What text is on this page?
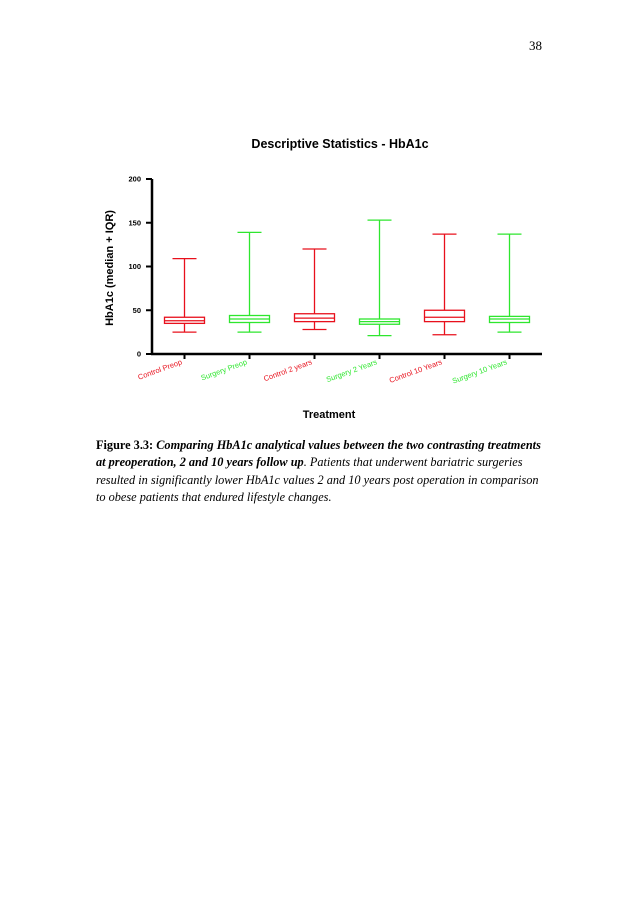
38
Descriptive Statistics - HbA1c
HbA1c (median + IQR)
Treatment
0
50
100
150
200
Control Preop Surgery Preop Control 2 years Surgery 2 Years Control 10 Years Surgery 10 Years
Figure 3.3: Comparing HbA1c analytical values between the two contrasting treatments at preoperation, 2 and 10 years follow up. Patients that underwent bariatric surgeries resulted in significantly lower HbA1c values 2 and 10 years post operation in comparison to obese patients that endured lifestyle changes.
